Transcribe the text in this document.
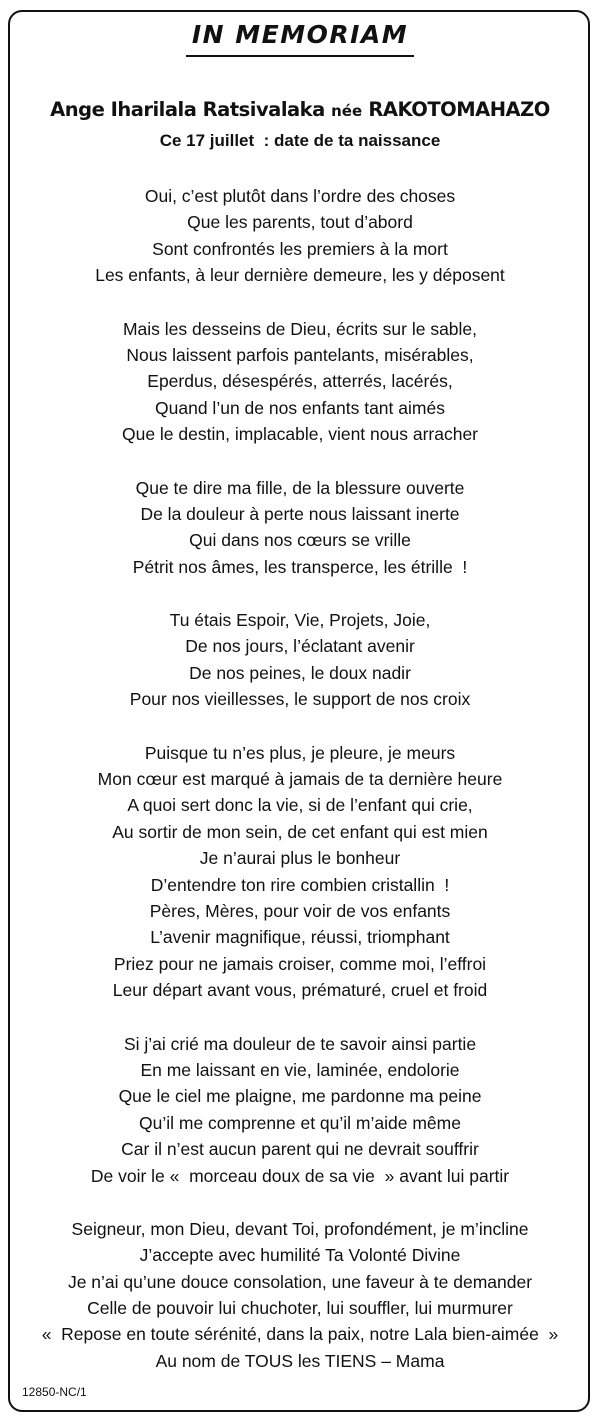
IN MEMORIAM
Ange Iharilala Ratsivalaka née RAKOTOMAHAZO
Ce 17 juillet  : date de ta naissance
Oui, c’est plutôt dans l’ordre des choses
Que les parents, tout d’abord
Sont confrontés les premiers à la mort
Les enfants, à leur dernière demeure, les y déposent
Mais les desseins de Dieu, écrits sur le sable,
Nous laissent parfois pantelants, misérables,
Eperdus, désespérés, atterrés, lacérés,
Quand l’un de nos enfants tant aimés
Que le destin, implacable, vient nous arracher
Que te dire ma fille, de la blessure ouverte
De la douleur à perte nous laissant inerte
Qui dans nos cœurs se vrille
Pétrit nos âmes, les transperce, les étrille  !
Tu étais Espoir, Vie, Projets, Joie,
De nos jours, l’éclatant avenir
De nos peines, le doux nadir
Pour nos vieillesses, le support de nos croix
Puisque tu n’es plus, je pleure, je meurs
Mon cœur est marqué à jamais de ta dernière heure
A quoi sert donc la vie, si de l’enfant qui crie,
Au sortir de mon sein, de cet enfant qui est mien
Je n’aurai plus le bonheur
D’entendre ton rire combien cristallin  !
Pères, Mères, pour voir de vos enfants
L’avenir magnifique, réussi, triomphant
Priez pour ne jamais croiser, comme moi, l’effroi
Leur départ avant vous, prématuré, cruel et froid
Si j’ai crié ma douleur de te savoir ainsi partie
En me laissant en vie, laminée, endolorie
Que le ciel me plaigne, me pardonne ma peine
Qu’il me comprenne et qu’il m’aide même
Car il n’est aucun parent qui ne devrait souffrir
De voir le «  morceau doux de sa vie  » avant lui partir
Seigneur, mon Dieu, devant Toi, profondément, je m’incline
J’accepte avec humilité Ta Volonté Divine
Je n’ai qu’une douce consolation, une faveur à te demander
Celle de pouvoir lui chuchoter, lui souffler, lui murmurer
«  Repose en toute sérénité, dans la paix, notre Lala bien-aimée  »
Au nom de TOUS les TIENS – Mama
12850-NC/1
